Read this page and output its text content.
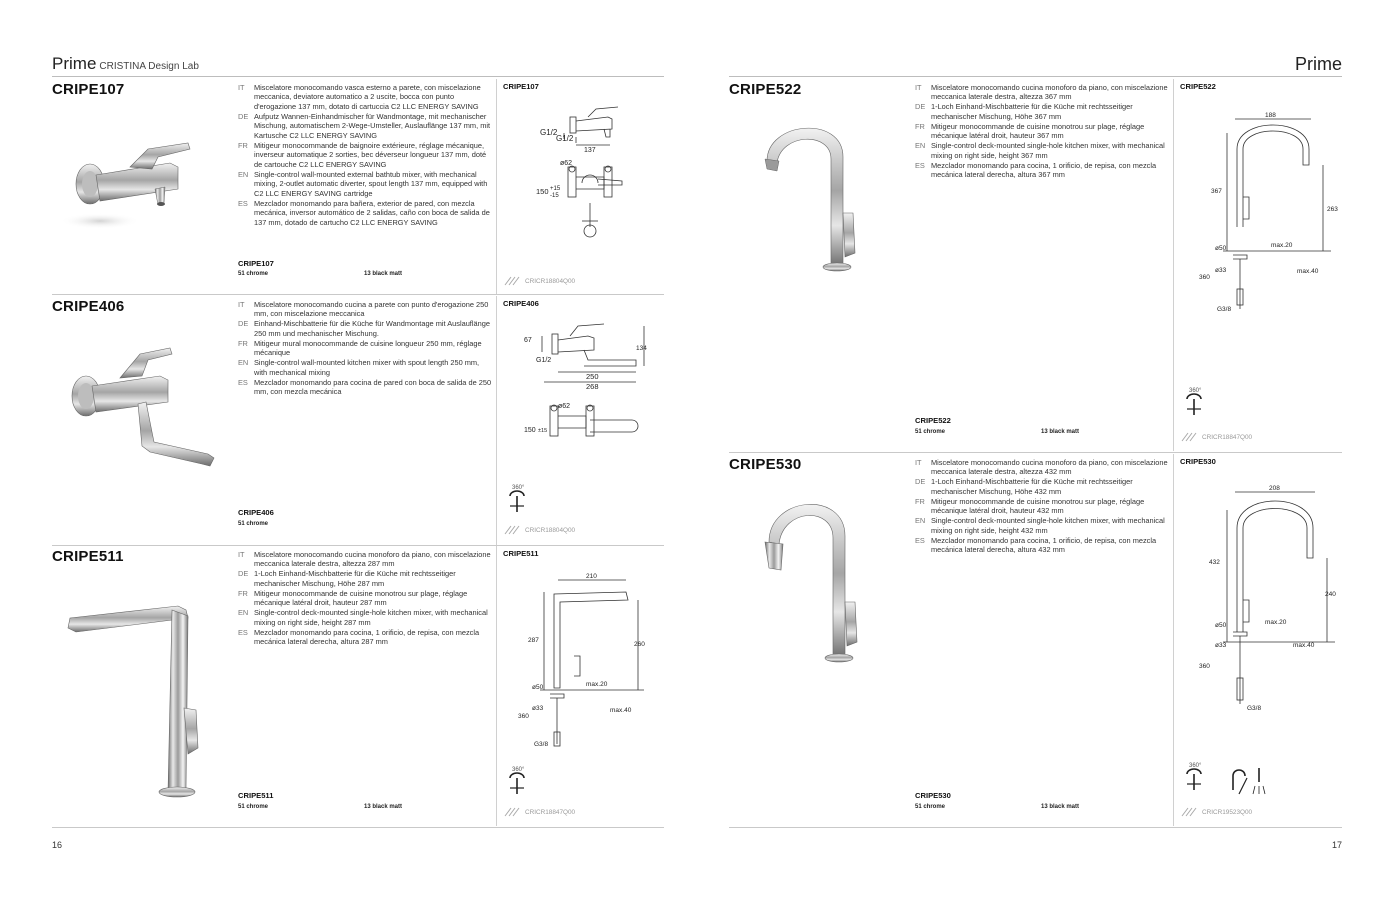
Prime CRISTINA Design Lab
CRIPE107	IT	Miscelatore monocomando vasca esterno a parete, con miscelazione meccanica, deviatore automatico a 2 uscite, bocca con punto d'erogazione 137 mm, dotato di cartuccia C2 LLC ENERGY SAVING
DE Aufputz Wannen-Einhandmischer für Wandmontage, mit mechanischer Mischung, automatischem 2-Wege-Umsteller, Auslauflänge 137 mm, mit Kartusche C2 LLC ENERGY SAVING
FR Mitigeur monocommande de baignoire extérieure, réglage mécanique, inverseur automatique 2 sorties, bec déverseur longueur 137 mm, doté de cartouche C2 LLC ENERGY SAVING
EN Single-control wall-mounted external bathtub mixer, with mechanical mixing, 2-outlet automatic diverter, spout length 137 mm, equipped with C2 LLC ENERGY SAVING cartridge
ES Mezclador monomando para bañera, exterior de pared, con mezcla mecánica, inversor automático de 2 salidas, caño con boca de salida de 137 mm, dotado de cartucho C2 LLC ENERGY SAVING
CRIPE107
51 chrome	13 black matt
CRIPE107
G1/2
G1/2
137
ø62
150 +15
-15
CRICR18804Q00
CRIPE406	IT	Miscelatore monocomando cucina a parete con punto d'erogazione 250 mm, con miscelazione meccanica
DE Einhand-Mischbatterie für die Küche für Wandmontage mit Auslauflänge 250 mm und mechanischer Mischung.
FR Mitigeur mural monocommande de cuisine longueur 250 mm, réglage mécanique
EN Single-control wall-mounted kitchen mixer with spout length 250 mm, with mechanical mixing
ES Mezclador monomando para cocina de pared con boca de salida de 250 mm, con mezcla mecánica
CRIPE406
51 chrome
CRIPE406
67
G1/2
134
250
268
ø62
150 ±15
360°
CRICR18804Q00
CRIPE511	IT	Miscelatore monocomando cucina monoforo da piano, con miscelazione meccanica laterale destra, altezza 287 mm
DE 1-Loch Einhand-Mischbatterie für die Küche mit rechtsseitiger mechanischer Mischung, Höhe 287 mm
FR Mitigeur monocommande de cuisine monotrou sur plage, réglage mécanique latéral droit, hauteur 287 mm
EN Single-control deck-mounted single-hole kitchen mixer, with mechanical mixing on right side, height 287 mm
ES Mezclador monomando para cocina, 1 orificio, de repisa, con mezcla mecánica lateral derecha, altura 287 mm
CRIPE511
51 chrome	13 black matt
CRIPE511
210
287
260
ø50	max.20
ø33	max.40
360
G3/8
360°
CRICR18847Q00
16
Prime
CRIPE522	IT	Miscelatore monocomando cucina monoforo da piano, con miscelazione meccanica laterale destra, altezza 367 mm
DE 1-Loch Einhand-Mischbatterie für die Küche mit rechtsseitiger mechanischer Mischung, Höhe 367 mm
FR Mitigeur monocommande de cuisine monotrou sur plage, réglage mécanique latéral droit, hauteur 367 mm
EN Single-control deck-mounted single-hole kitchen mixer, with mechanical mixing on right side, height 367 mm
ES Mezclador monomando para cocina, 1 orificio, de repisa, con mezcla mecánica lateral derecha, altura 367 mm
CRIPE522
51 chrome	13 black matt
CRIPE522
188
367
263
ø50	max.20
ø33	max.40
360
G3/8
360°
CRICR18847Q00
CRIPE530	IT	Miscelatore monocomando cucina monoforo da piano, con miscelazione meccanica laterale destra, altezza 432 mm
DE 1-Loch Einhand-Mischbatterie für die Küche mit rechtsseitiger mechanischer Mischung, Höhe 432 mm
FR Mitigeur monocommande de cuisine monotrou sur plage, réglage mécanique latéral droit, hauteur 432 mm
EN Single-control deck-mounted single-hole kitchen mixer, with mechanical mixing on right side, height 432 mm
ES Mezclador monomando para cocina, 1 orificio, de repisa, con mezcla mecánica lateral derecha, altura 432 mm
CRIPE530
51 chrome	13 black matt
CRIPE530
208
432
240
ø50	max.20
ø33	max.40
360
G3/8
360°
CRICR19523Q00
17
